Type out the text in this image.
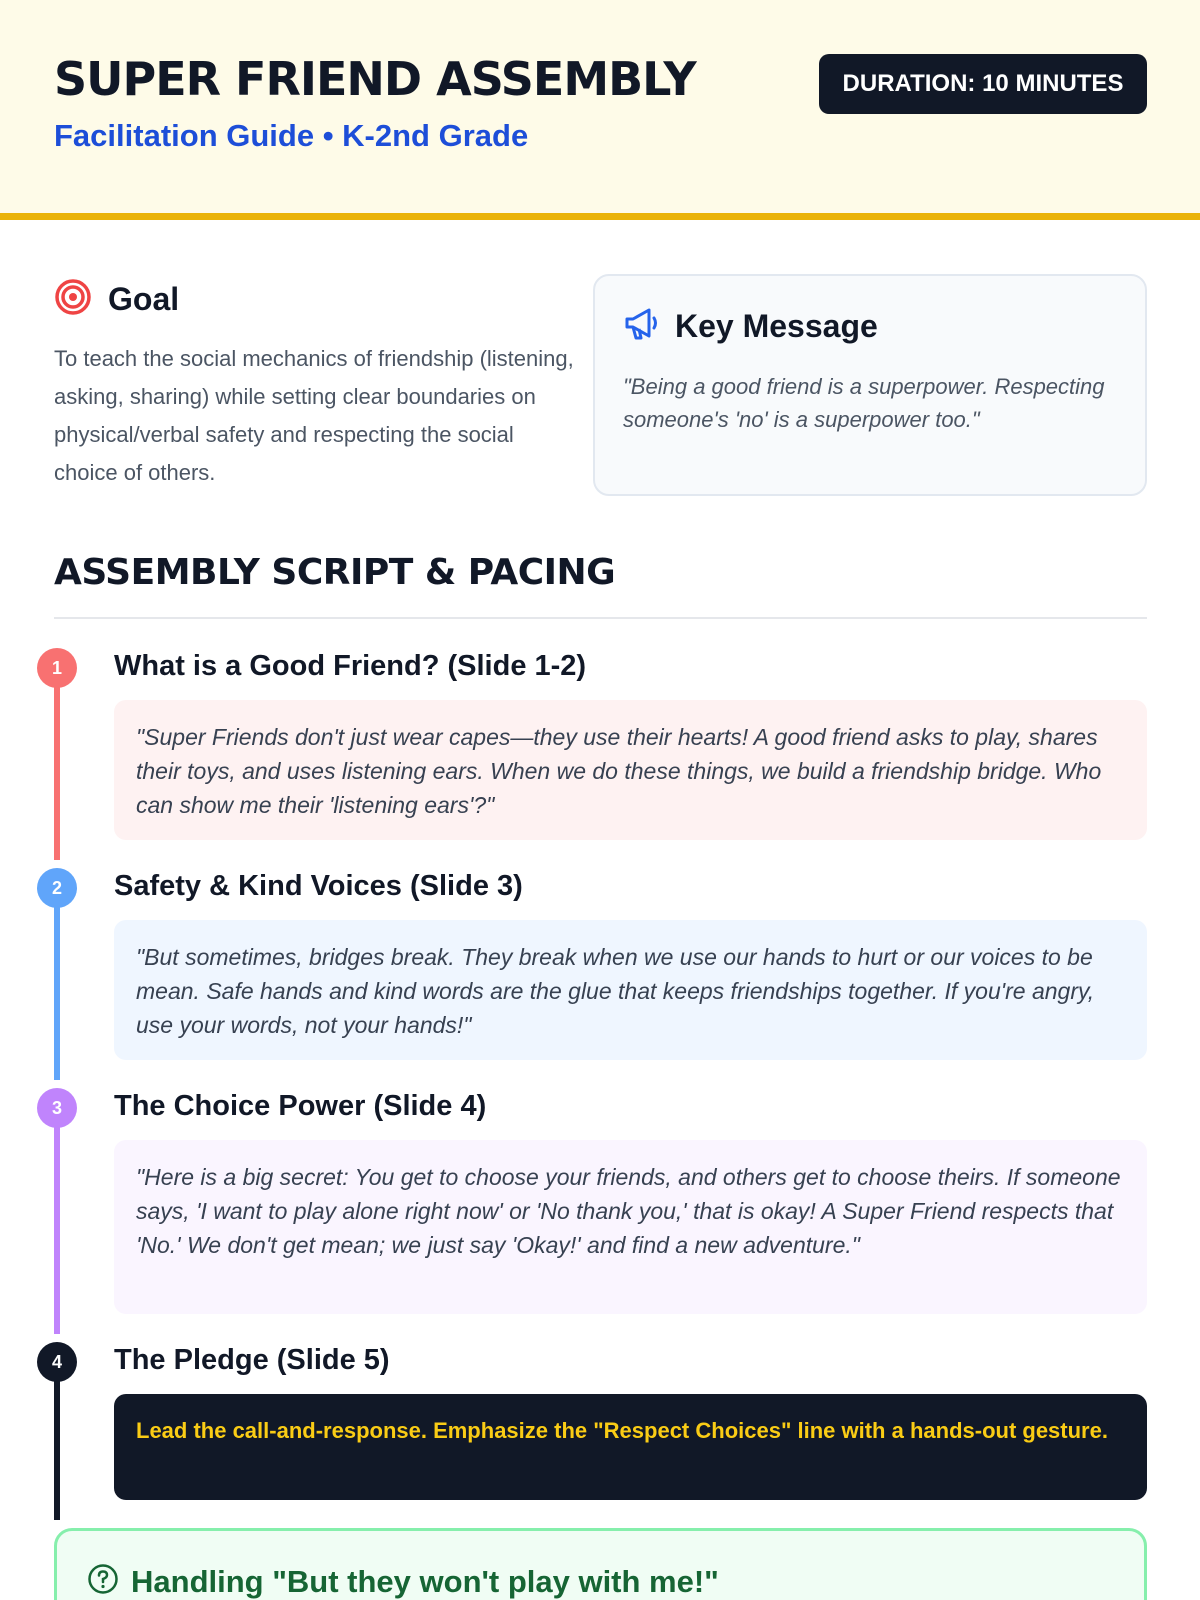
SUPER FRIEND ASSEMBLY
Facilitation Guide • K-2nd Grade
DURATION: 10 MINUTES
Goal
To teach the social mechanics of friendship (listening, asking, sharing) while setting clear boundaries on physical/verbal safety and respecting the social choice of others.
Key Message
"Being a good friend is a superpower. Respecting someone's 'no' is a superpower too."
ASSEMBLY SCRIPT & PACING
1	What is a Good Friend? (Slide 1-2)
"Super Friends don't just wear capes—they use their hearts! A good friend asks to play, shares their toys, and uses listening ears. When we do these things, we build a friendship bridge. Who can show me their 'listening ears'?"
2	Safety & Kind Voices (Slide 3)
"But sometimes, bridges break. They break when we use our hands to hurt or our voices to be mean. Safe hands and kind words are the glue that keeps friendships together. If you're angry, use your words, not your hands!"
3	The Choice Power (Slide 4)
"Here is a big secret: You get to choose your friends, and others get to choose theirs. If someone says, 'I want to play alone right now' or 'No thank you,' that is okay! A Super Friend respects that 'No.' We don't get mean; we just say 'Okay!' and find a new adventure."
4	The Pledge (Slide 5)
Lead the call-and-response. Emphasize the "Respect Choices" line with a hands-out gesture.
Handling "But they won't play with me!"
